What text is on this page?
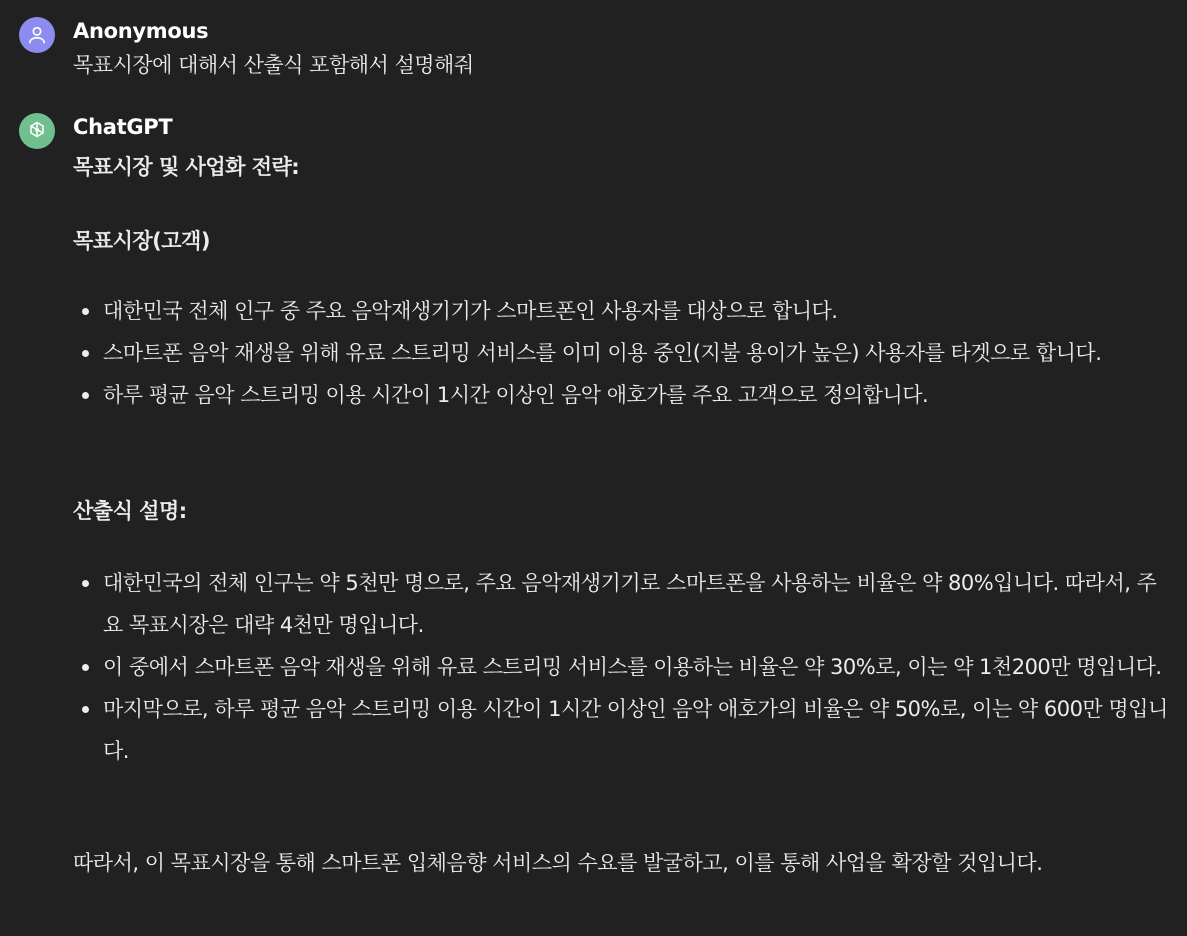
Anonymous
목표시장에 대해서 산출식 포함해서 설명해줘
ChatGPT
목표시장 및 사업화 전략:
목표시장(고객)
대한민국 전체 인구 중 주요 음악재생기기가 스마트폰인 사용자를 대상으로 합니다.
스마트폰 음악 재생을 위해 유료 스트리밍 서비스를 이미 이용 중인(지불 용이가 높은) 사용자를 타겟으로 합니다.
하루 평균 음악 스트리밍 이용 시간이 1시간 이상인 음악 애호가를 주요 고객으로 정의합니다.
산출식 설명:
대한민국의 전체 인구는 약 5천만 명으로, 주요 음악재생기기로 스마트폰을 사용하는 비율은 약 80%입니다. 따라서, 주요 목표시장은 대략 4천만 명입니다.
이 중에서 스마트폰 음악 재생을 위해 유료 스트리밍 서비스를 이용하는 비율은 약 30%로, 이는 약 1천200만 명입니다.
마지막으로, 하루 평균 음악 스트리밍 이용 시간이 1시간 이상인 음악 애호가의 비율은 약 50%로, 이는 약 600만 명입니다.
따라서, 이 목표시장을 통해 스마트폰 입체음향 서비스의 수요를 발굴하고, 이를 통해 사업을 확장할 것입니다.
